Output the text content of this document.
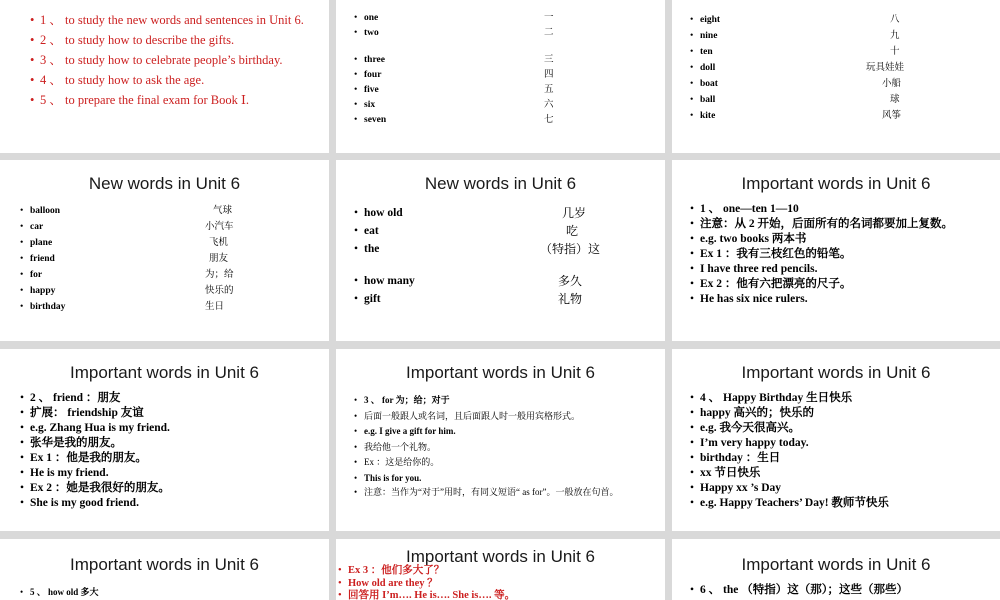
• 1 、 to study the new words and sentences in Unit 6.
• 2 、 to study how to describe the gifts.
• 3 、 to study how to celebrate people’s birthday.
• 4 、 to study how to ask the age.
• 5 、 to prepare the final exam for Book Ⅰ.
• one	一
• two	二
• three	三
• four	四
• five	五
• six	六
• seven	七
• eight	八
• nine	九
• ten	十
• doll	玩具娃娃
• boat	小船
• ball	球
• kite	风筝
New words in Unit 6
• balloon	气球
• car	小汽车
• plane	飞机
• friend	朋友
• for	为；给
• happy	快乐的
• birthday	生日
New words in Unit 6
• how old	几岁
• eat	吃
• the	（特指）这
• how many	多久
• gift	礼物
Important words in Unit 6
• 1 、 one—ten 1—10
• 注意：从 2 开始，后面所有的名词都要加上复数。
• e.g. two books 两本书
• Ex 1 ：我有三枝红色的铅笔。
• I have three red pencils.
• Ex 2 ：他有六把漂亮的尺子。
• He has six nice rulers.
Important words in Unit 6
• 2 、 friend ：朋友
• 扩展： friendship 友谊
• e.g. Zhang Hua is my friend.
• 张华是我的朋友。
• Ex 1 ：他是我的朋友。
• He is my friend.
• Ex 2 ：她是我很好的朋友。
• She is my good friend.
Important words in Unit 6
• 3 、 for 为；给；对于
• 后面一般跟人或名词，且后面跟人时一般用宾格形式。
• e.g. I give a gift for him.
• 我给他一个礼物。
• Ex ：这是给你的。
• This is for you.
• 注意：当作为“对于”用时，有同义短语“ as for”。一般放在句首。
Important words in Unit 6
• 4 、 Happy Birthday 生日快乐
• happy 高兴的；快乐的
• e.g. 我今天很高兴。
• I’m very happy today.
• birthday ：生日
• xx 节日快乐
• Happy xx ’s Day
• e.g. Happy Teachers’ Day! 教师节快乐
Important words in Unit 6
• 5 、 how old 多大
Important words in Unit 6
• Ex 3 ：他们多大了？
• How old are they ？
• 回答用 I’m…. He is…. She is…. 等。
Important words in Unit 6
• 6 、 the （特指）这（那）；这些（那些）
